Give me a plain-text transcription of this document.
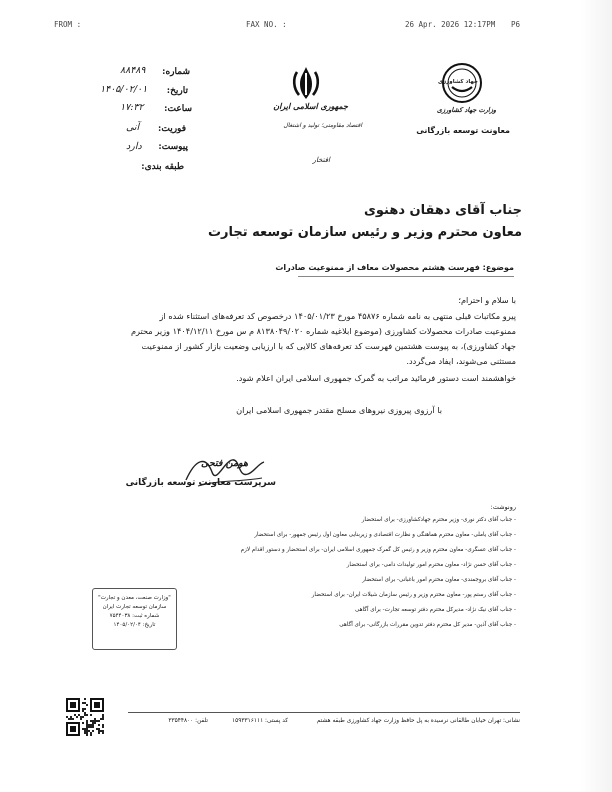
FROM :	FAX NO. :	26 Apr. 2026 12:17PM P6
شماره:
۸۸۴۸۹
تاریخ:
۱۴۰۵/۰۲/۰۱
ساعت:
۱۷:۳۲
فوریت:
آنی
پیوست:
دارد
طبقه بندی:
جمهوری اسلامی ایران
اقتصاد مقاومتی؛ تولید و اشتغال
افتخار
جهاد کشاورزی
وزارت جهاد کشاورزی
معاونت توسعه بازرگانی
جناب آقای دهقان دهنوی
معاون محترم وزیر و رئیس سازمان توسعه تجارت
موضوع: فهرست هشتم محصولات معاف از ممنوعیت صادرات
با سلام و احترام؛
پیرو مکاتبات قبلی منتهی به نامه شماره ۴۵۸۷۶ مورخ ۱۴۰۵/۰۱/۲۳ درخصوص کد تعرفه‌های استثناء شده از
ممنوعیت صادرات محصولات کشاورزی (موضوع ابلاغیه شماره ۸۱۳۸۰۴۹/۰۲۰ م س مورخ ۱۴۰۴/۱۲/۱۱ وزیر محترم
جهاد کشاورزی)، به پیوست هشتمین فهرست کد تعرفه‌های کالایی که با ارزیابی وضعیت بازار کشور از ممنوعیت
مستثنی می‌شوند، ایفاد می‌گردد.
خواهشمند است دستور فرمائید مراتب به گمرک جمهوری اسلامی ایران اعلام شود.
با آرزوی پیروزی نیروهای مسلح مقتدر جمهوری اسلامی ایران
هومن فتحی
سرپرست معاونت توسعه بازرگانی
رونوشت:
- جناب آقای دکتر نوری- وزیر محترم جهادکشاورزی- برای استحضار
- جناب آقای یاملی- معاون محترم هماهنگی و نظارت اقتصادی و زیربنایی معاون اول رئیس جمهور- برای استحضار
- جناب آقای عسگری- معاون محترم وزیر و رئیس کل گمرک جمهوری اسلامی ایران- برای استحضار و دستور اقدام لازم
- جناب آقای حسن نژاد- معاون محترم امور تولیدات دامی- برای استحضار
- جناب آقای بروجمندی- معاون محترم امور باغبانی- برای استحضار
- جناب آقای رستم پور- معاون محترم وزیر و رئیس سازمان شیلات ایران- برای استحضار
- جناب آقای نیک نژاد- مدیرکل محترم دفتر توسعه تجارت- برای آگاهی
- جناب آقای آذین- مدیر کل محترم دفتر تدوین مقررات بازرگانی- برای آگاهی
"وزارت صنعت، معدن و تجارت"
سازمان توسعه تجارت ایران
شماره ثبت: ۷۵۴۴۰۳۸
تاریخ: ۱۴۰۵/۰۲/۰۴
نشانی: تهران خیابان طالقانی نرسیده به پل حافظ وزارت جهاد کشاورزی طبقه هشتم
کد پستی: ۱۵۹۳۳۱۶۱۱۱
تلفن: ۳۳۵۴۴۸۰۰
